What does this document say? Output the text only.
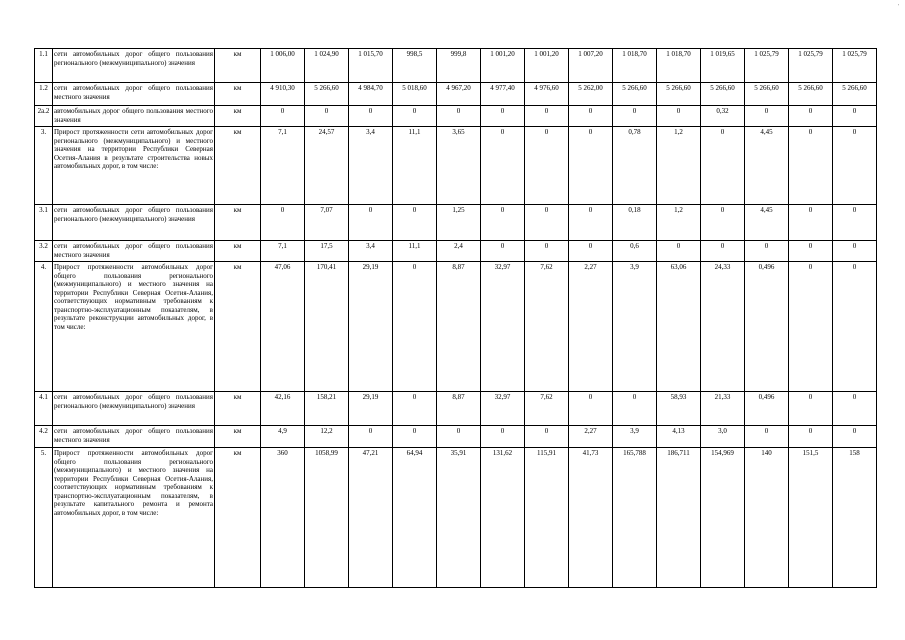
'
1.1	сети автомобильных дорог общего пользования регионального (межмуниципального) значения	км	1 006,00	1 024,90	1 015,70	998,5	999,8	1 001,20	1 001,20	1 007,20	1 018,70	1 018,70	1 019,65	1 025,79	1 025,79	1 025,79
1.2	сети автомобильных дорог общего пользования местного значения	км	4 910,30	5 266,60	4 984,70	5 018,60	4 967,20	4 977,40	4 976,60	5 262,00	5 266,60	5 266,60	5 266,60	5 266,60	5 266,60	5 266,60
2a.2	автомобильных дорог общего пользования местного значения	км	0	0	0	0	0	0	0	0	0	0	0,32	0	0	0
3.	Прирост протяженности сети автомобильных дорог регионального (межмуниципального) и местного значения на территории Республики Северная Осетия-Алания в результате строительства новых автомобильных дорог, в том числе:	км	7,1	24,57	3,4	11,1	3,65	0	0	0	0,78	1,2	0	4,45	0	0
3.1	сети автомобильных дорог общего пользования регионального (межмуниципального) значения	км	0	7,07	0	0	1,25	0	0	0	0,18	1,2	0	4,45	0	0
3.2	сети автомобильных дорог общего пользования местного значения	км	7,1	17,5	3,4	11,1	2,4	0	0	0	0,6	0	0	0	0	0
4.	Прирост протяженности автомобильных дорог общего пользования регионального (межмуниципального) и местного значения на территории Республики Северная Осетия-Алания, соответствующих нормативным требованиям к транспортно-эксплуатационным показателям, в результате реконструкции автомобильных дорог, в том числе:	км	47,06	170,41	29,19	0	8,87	32,97	7,62	2,27	3,9	63,06	24,33	0,496	0	0
4.1	сети автомобильных дорог общего пользования регионального (межмуниципального) значения	км	42,16	158,21	29,19	0	8,87	32,97	7,62	0	0	58,93	21,33	0,496	0	0
4.2	сети автомобильных дорог общего пользования местного значения	км	4,9	12,2	0	0	0	0	0	2,27	3,9	4,13	3,0	0	0	0
5.	Прирост протяженности автомобильных дорог общего пользования регионального (межмуниципального) и местного значения на территории Республики Северная Осетия-Алания, соответствующих нормативным требованиям к транспортно-эксплуатационным показателям, в результате капитального ремонта и ремонта автомобильных дорог, в том числе:	км	360	1058,99	47,21	64,94	35,91	131,62	115,91	41,73	165,788	186,711	154,969	140	151,5	158
